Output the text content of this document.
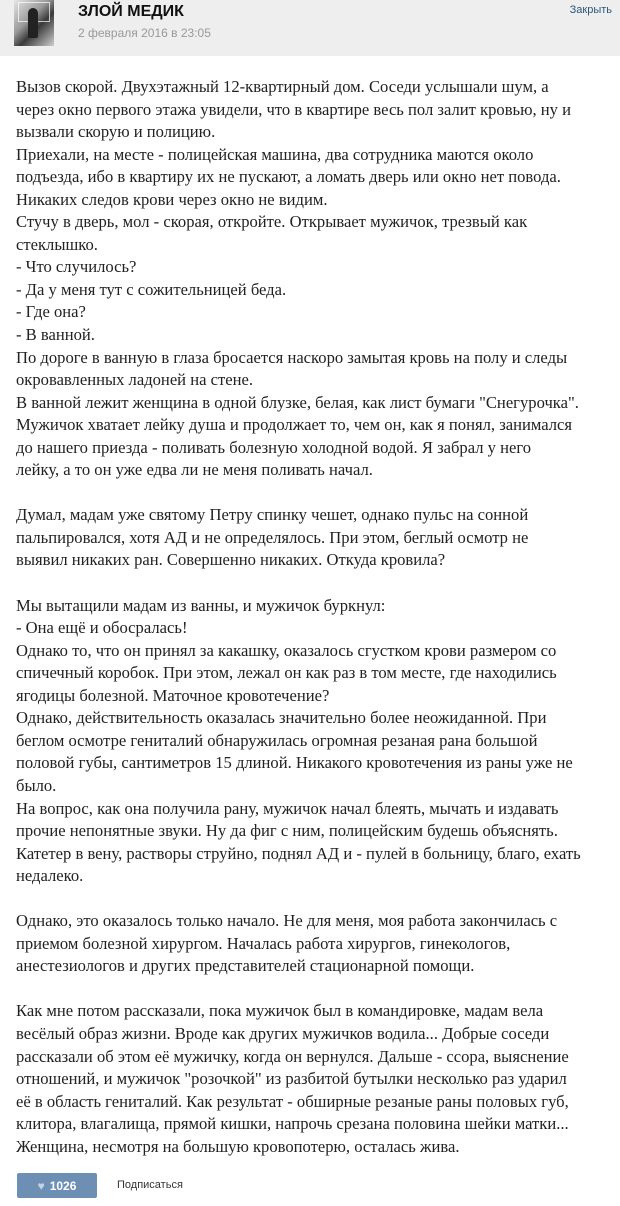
ЗЛОЙ МЕДИК
2 февраля 2016 в 23:05
Закрыть
Вызов скорой. Двухэтажный 12-квартирный дом. Соседи услышали шум, а
через окно первого этажа увидели, что в квартире весь пол залит кровью, ну и
вызвали скорую и полицию.
Приехали, на месте - полицейская машина, два сотрудника маются около
подъезда, ибо в квартиру их не пускают, а ломать дверь или окно нет повода.
Никаких следов крови через окно не видим.
Стучу в дверь, мол - скорая, откройте. Открывает мужичок, трезвый как
стеклышко.
- Что случилось?
- Да у меня тут с сожительницей беда.
- Где она?
- В ванной.
По дороге в ванную в глаза бросается наскоро замытая кровь на полу и следы
окровавленных ладоней на стене.
В ванной лежит женщина в одной блузке, белая, как лист бумаги "Снегурочка".
Мужичок хватает лейку душа и продолжает то, чем он, как я понял, занимался
до нашего приезда - поливать болезную холодной водой. Я забрал у него
лейку, а то он уже едва ли не меня поливать начал.
Думал, мадам уже святому Петру спинку чешет, однако пульс на сонной
пальпировался, хотя АД и не определялось. При этом, беглый осмотр не
выявил никаких ран. Совершенно никаких. Откуда кровила?
Мы вытащили мадам из ванны, и мужичок буркнул:
- Она ещё и обосралась!
Однако то, что он принял за какашку, оказалось сгустком крови размером со
спичечный коробок. При этом, лежал он как раз в том месте, где находились
ягодицы болезной. Маточное кровотечение?
Однако, действительность оказалась значительно более неожиданной. При
беглом осмотре гениталий обнаружилась огромная резаная рана большой
половой губы, сантиметров 15 длиной. Никакого кровотечения из раны уже не
было.
На вопрос, как она получила рану, мужичок начал блеять, мычать и издавать
прочие непонятные звуки. Ну да фиг с ним, полицейским будешь объяснять.
Катетер в вену, растворы струйно, поднял АД и - пулей в больницу, благо, ехать
недалеко.
Однако, это оказалось только начало. Не для меня, моя работа закончилась с
приемом болезной хирургом. Началась работа хирургов, гинекологов,
анестезиологов и других представителей стационарной помощи.
Как мне потом рассказали, пока мужичок был в командировке, мадам вела
весёлый образ жизни. Вроде как других мужичков водила... Добрые соседи
рассказали об этом её мужичку, когда он вернулся. Дальше - ссора, выяснение
отношений, и мужичок "розочкой" из разбитой бутылки несколько раз ударил
её в область гениталий. Как результат - обширные резаные раны половых губ,
клитора, влагалища, прямой кишки, напрочь срезана половина шейки матки...
Женщина, несмотря на большую кровопотерю, осталась жива.
♥ 1026	Подписаться
